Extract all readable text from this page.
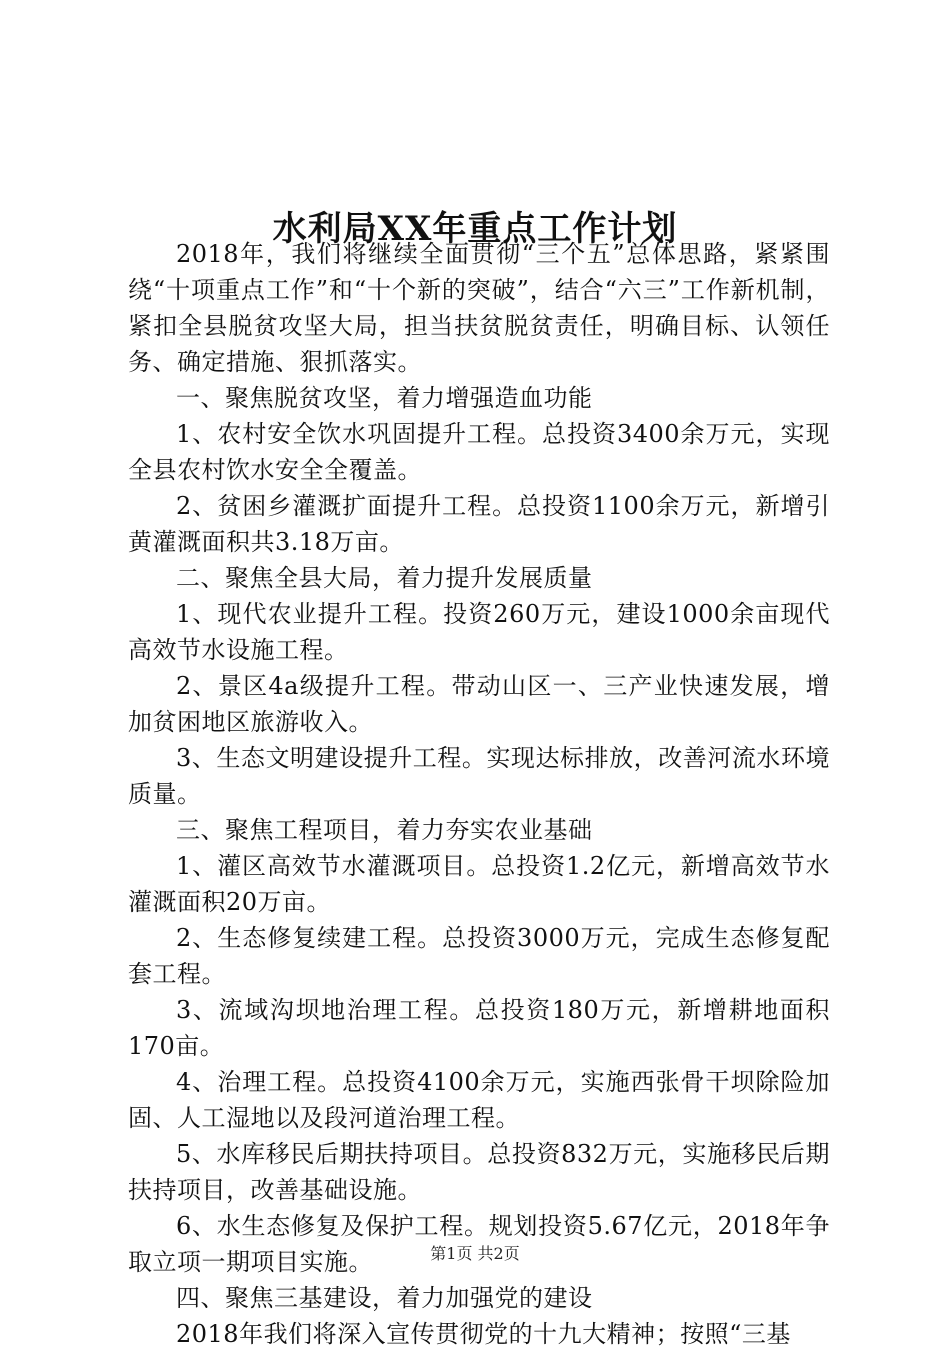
水利局XX年重点工作计划

2018年，我们将继续全面贯彻“三个五”总体思路，紧紧围绕“十项重点工作”和“十个新的突破”，结合“六三”工作新机制，紧扣全县脱贫攻坚大局，担当扶贫脱贫责任，明确目标、认领任务、确定措施、狠抓落实。

一、聚焦脱贫攻坚，着力增强造血功能

1、农村安全饮水巩固提升工程。总投资3400余万元，实现全县农村饮水安全全覆盖。

2、贫困乡灌溉扩面提升工程。总投资1100余万元，新增引黄灌溉面积共3.18万亩。

二、聚焦全县大局，着力提升发展质量

1、现代农业提升工程。投资260万元，建设1000余亩现代高效节水设施工程。

2、景区4a级提升工程。带动山区一、三产业快速发展，增加贫困地区旅游收入。

3、生态文明建设提升工程。实现达标排放，改善河流水环境质量。

三、聚焦工程项目，着力夯实农业基础

1、灌区高效节水灌溉项目。总投资1.2亿元，新增高效节水灌溉面积20万亩。

2、生态修复续建工程。总投资3000万元，完成生态修复配套工程。

3、流域沟坝地治理工程。总投资180万元，新增耕地面积170亩。

4、治理工程。总投资4100余万元，实施西张骨干坝除险加固、人工湿地以及段河道治理工程。

5、水库移民后期扶持项目。总投资832万元，实施移民后期扶持项目，改善基础设施。

6、水生态修复及保护工程。规划投资5.67亿元，2018年争取立项一期项目实施。

四、聚焦三基建设，着力加强党的建设

2018年我们将深入宣传贯彻党的十九大精神；按照“三基

第1页 共2页
